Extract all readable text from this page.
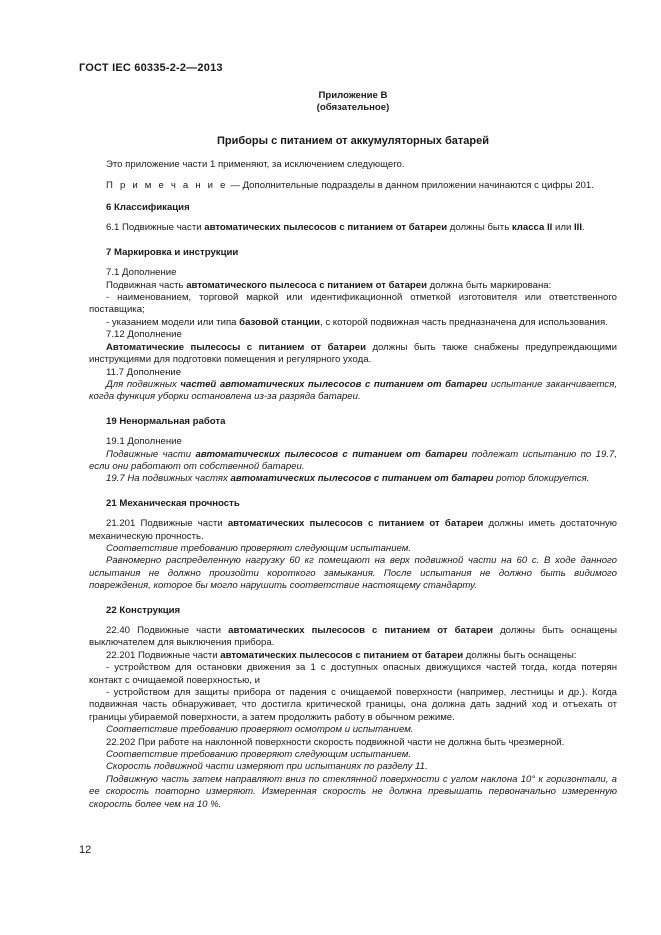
ГОСТ IEC 60335-2-2—2013
Приложение В
(обязательное)
Приборы с питанием от аккумуляторных батарей

Это приложение части 1 применяют, за исключением следующего.

П р и м е ч а н и е — Дополнительные подразделы в данном приложении начинаются с цифры 201.

6 Классификация

6.1 Подвижные части автоматических пылесосов с питанием от батареи должны быть класса II или III.

7 Маркировка и инструкции

7.1 Дополнение

Подвижная часть автоматического пылесоса с питанием от батареи должна быть маркирована:

- наименованием, торговой маркой или идентификационной отметкой изготовителя или ответственного поставщика;

- указанием модели или типа базовой станции, с которой подвижная часть предназначена для использования.

7.12 Дополнение

Автоматические пылесосы с питанием от батареи должны быть также снабжены предупреждающими инструкциями для подготовки помещения и регулярного ухода.

11.7 Дополнение

Для подвижных частей автоматических пылесосов с питанием от батареи испытание заканчивается, когда функция уборки остановлена из-за разряда батареи.

19 Ненормальная работа

19.1 Дополнение

Подвижные части автоматических пылесосов с питанием от батареи подлежат испытанию по 19.7, если они работают от собственной батареи.

19.7 На подвижных частях автоматических пылесосов с питанием от батареи ротор блокируется.

21 Механическая прочность

21.201 Подвижные части автоматических пылесосов с питанием от батареи должны иметь достаточную механическую прочность.

Соответствие требованию проверяют следующим испытанием.

Равномерно распределенную нагрузку 60 кг помещают на верх подвижной части на 60 с. В ходе данного испытания не должно произойти короткого замыкания. После испытания не должно быть видимого повреждения, которое бы могло нарушить соответствие настоящему стандарту.

22 Конструкция

22.40 Подвижные части автоматических пылесосов с питанием от батареи должны быть оснащены выключателем для выключения прибора.

22.201 Подвижные части автоматических пылесосов с питанием от батареи должны быть оснащены:

- устройством для остановки движения за 1 с доступных опасных движущихся частей тогда, когда потерян контакт с очищаемой поверхностью, и

- устройством для защиты прибора от падения с очищаемой поверхности (например, лестницы и др.). Когда подвижная часть обнаруживает, что достигла критической границы, она должна дать задний ход и отъехать от границы убираемой поверхности, а затем продолжить работу в обычном режиме.

Соответствие требованию проверяют осмотром и испытанием.

22.202 При работе на наклонной поверхности скорость подвижной части не должна быть чрезмерной.

Соответствие требованию проверяют следующим испытанием.

Скорость подвижной части измеряют при испытаниях по разделу 11.

Подвижную часть затем направляют вниз по стеклянной поверхности с углом наклона 10° к горизонтали, а ее скорость повторно измеряют. Измеренная скорость не должна превышать первоначально измеренную скорость более чем на 10 %.

12
